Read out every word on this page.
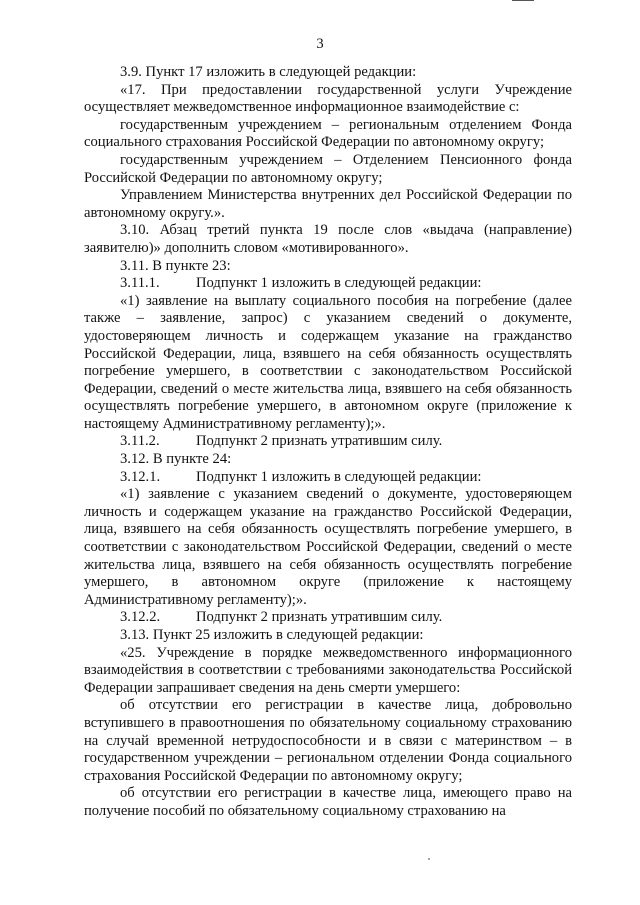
3

3.9. Пункт 17 изложить в следующей редакции:

«17. При предоставлении государственной услуги Учреждение осуществляет межведомственное информационное взаимодействие с:

государственным учреждением – региональным отделением Фонда социального страхования Российской Федерации по автономному округу;

государственным учреждением – Отделением Пенсионного фонда Российской Федерации по автономному округу;

Управлением Министерства внутренних дел Российской Федерации по автономному округу.».

3.10. Абзац третий пункта 19 после слов «выдача (направление) заявителю)» дополнить словом «мотивированного».

3.11. В пункте 23:

3.11.1. Подпункт 1 изложить в следующей редакции:

«1) заявление на выплату социального пособия на погребение (далее также – заявление, запрос) с указанием сведений о документе, удостоверяющем личность и содержащем указание на гражданство Российской Федерации, лица, взявшего на себя обязанность осуществлять погребение умершего, в соответствии с законодательством Российской Федерации, сведений о месте жительства лица, взявшего на себя обязанность осуществлять погребение умершего, в автономном округе (приложение к настоящему Административному регламенту);».

3.11.2. Подпункт 2 признать утратившим силу.

3.12. В пункте 24:

3.12.1. Подпункт 1 изложить в следующей редакции:

«1) заявление с указанием сведений о документе, удостоверяющем личность и содержащем указание на гражданство Российской Федерации, лица, взявшего на себя обязанность осуществлять погребение умершего, в соответствии с законодательством Российской Федерации, сведений о месте жительства лица, взявшего на себя обязанность осуществлять погребение умершего, в автономном округе (приложение к настоящему Административному регламенту);».

3.12.2. Подпункт 2 признать утратившим силу.

3.13. Пункт 25 изложить в следующей редакции:

«25. Учреждение в порядке межведомственного информационного взаимодействия в соответствии с требованиями законодательства Российской Федерации запрашивает сведения на день смерти умершего:

об отсутствии его регистрации в качестве лица, добровольно вступившего в правоотношения по обязательному социальному страхованию на случай временной нетрудоспособности и в связи с материнством – в государственном учреждении – региональном отделении Фонда социального страхования Российской Федерации по автономному округу;

об отсутствии его регистрации в качестве лица, имеющего право на получение пособий по обязательному социальному страхованию на
